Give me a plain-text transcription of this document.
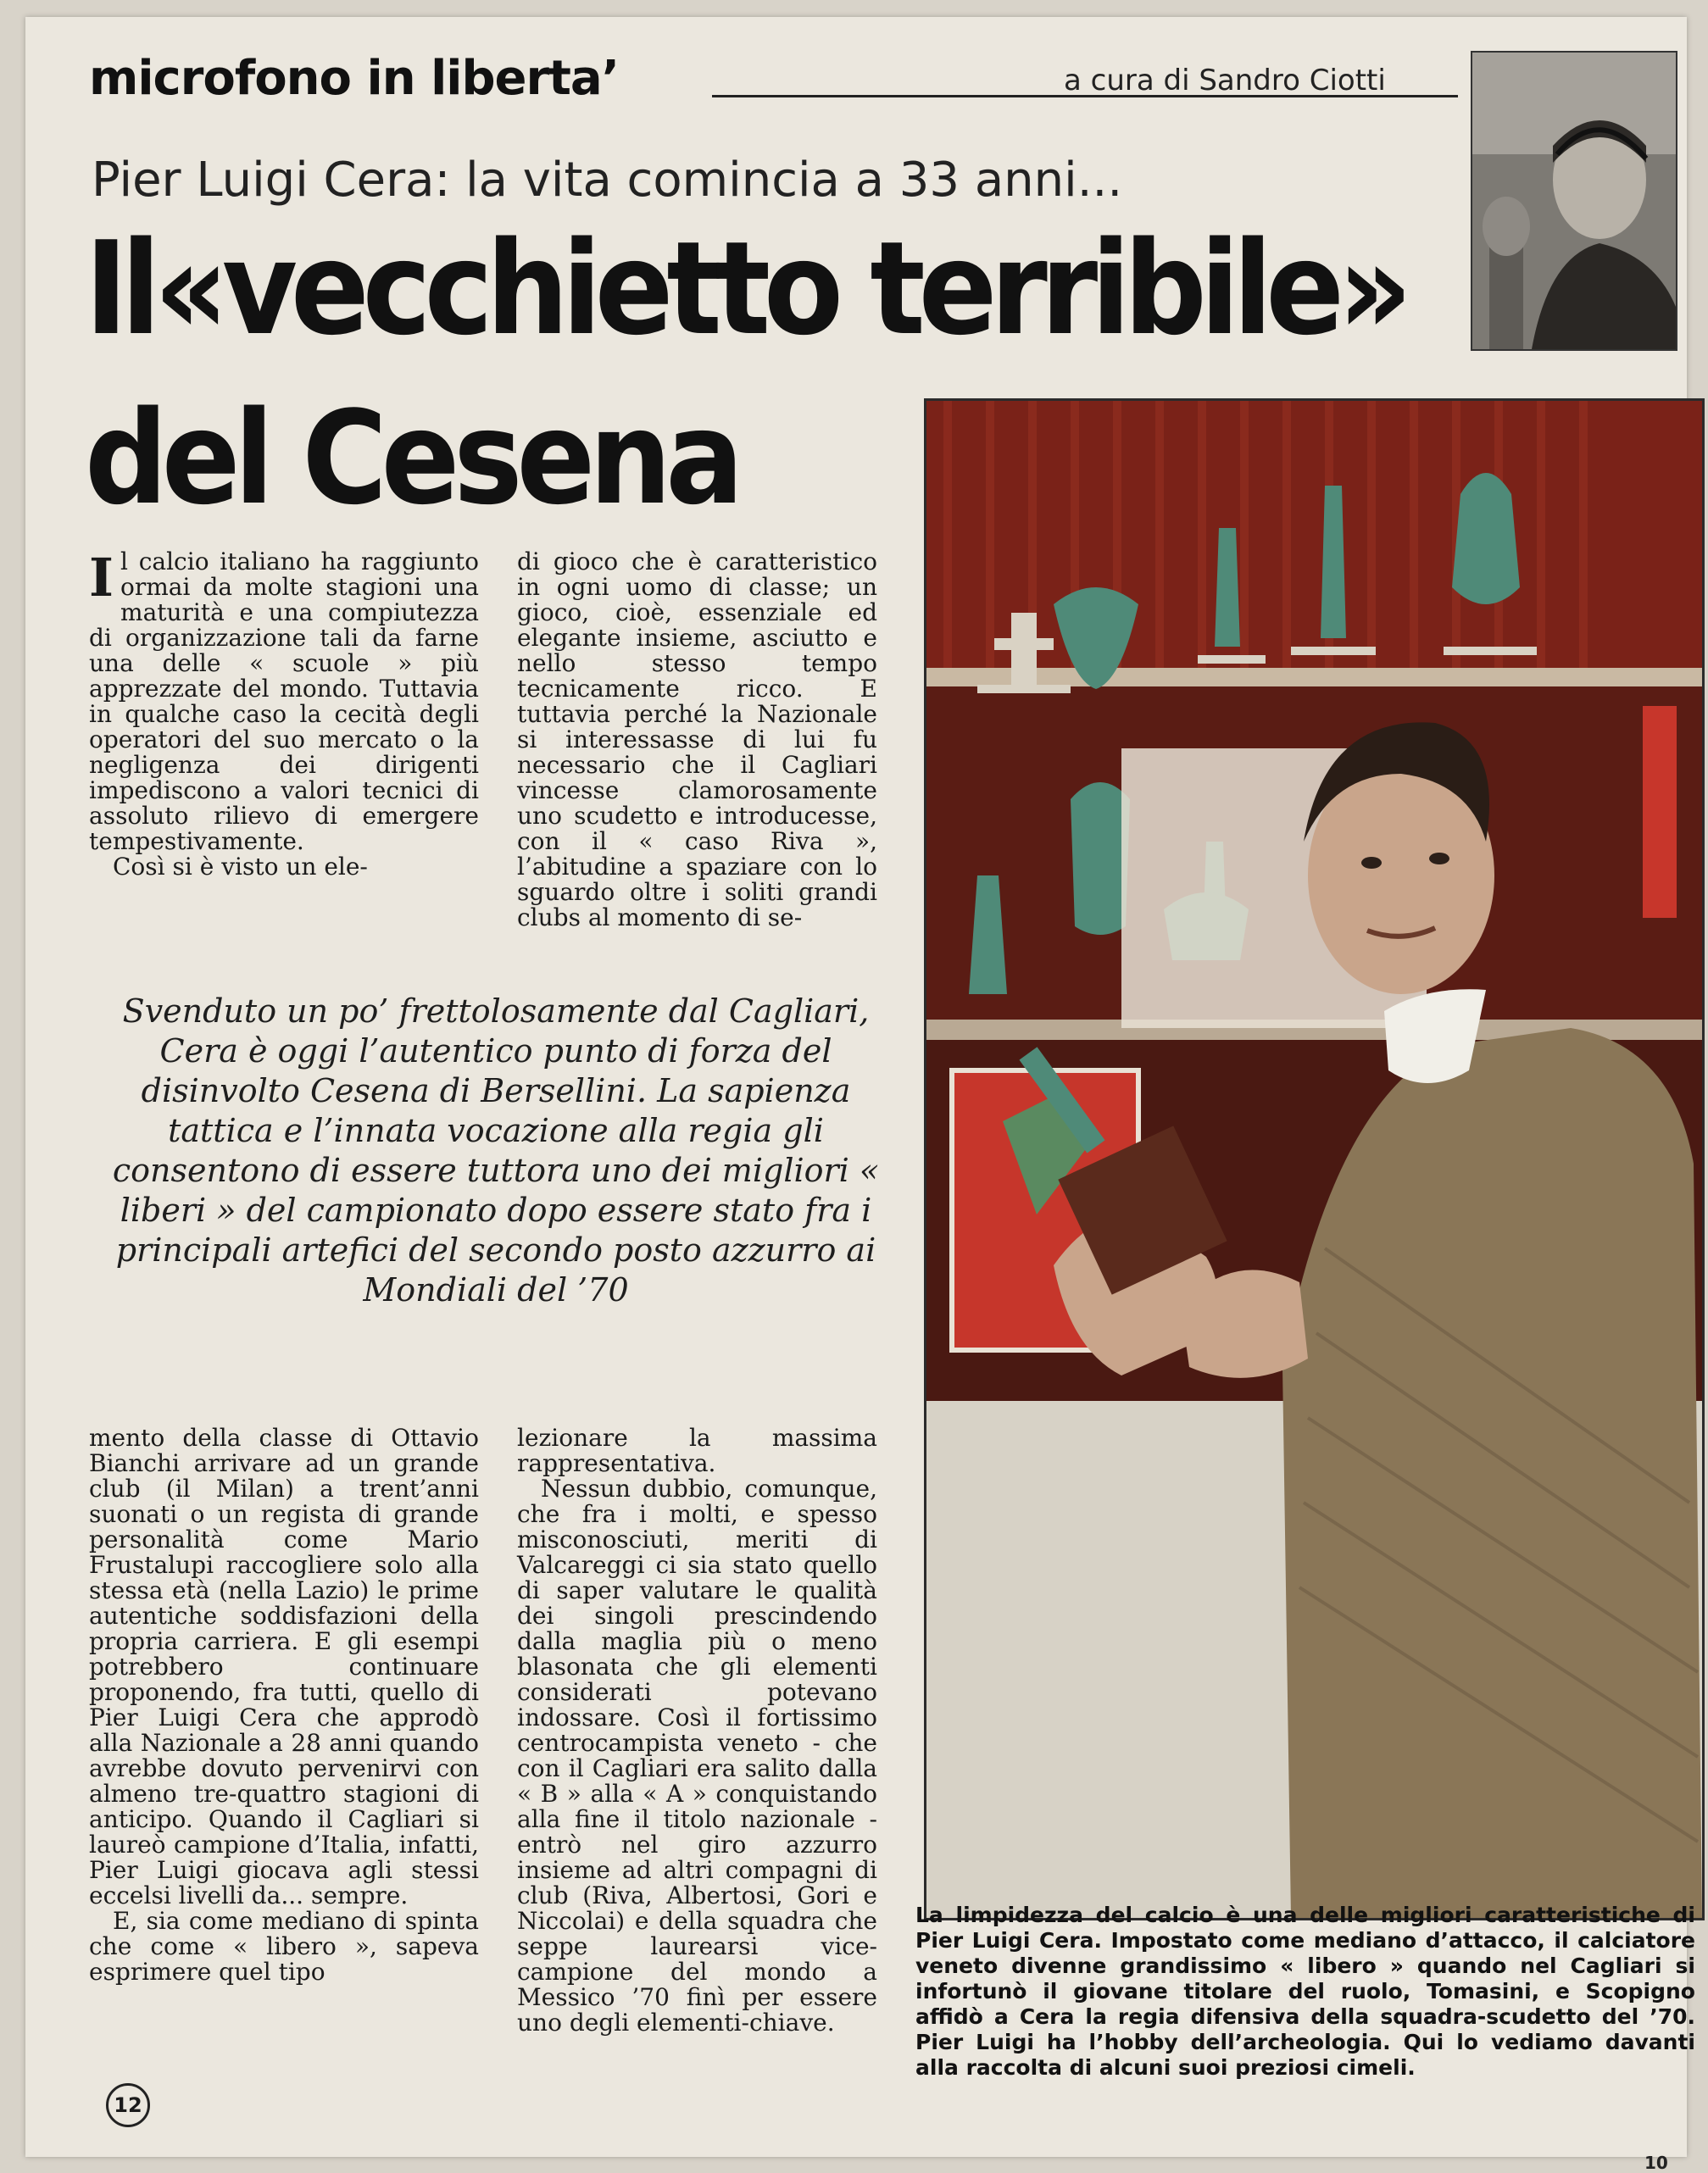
microfono in liberta’	a cura di Sandro Ciotti
Pier Luigi Cera: la vita comincia a 33 anni...
Il«vecchietto terribile»
del Cesena
I l calcio italiano ha raggiunto ormai da molte stagioni una maturità e una compiutezza di organizzazione tali da farne una delle « scuole » più apprezzate del mondo. Tuttavia in qualche caso la cecità degli operatori del suo mercato o la negligenza dei dirigenti impediscono a valori tecnici di assoluto rilievo di emergere tempestivamente.

Così si è visto un ele-

di gioco che è caratteristico in ogni uomo di classe; un gioco, cioè, essenziale ed elegante insieme, asciutto e nello stesso tempo tecnicamente ricco. E tuttavia perché la Nazionale si interessasse di lui fu necessario che il Cagliari vincesse clamorosamente uno scudetto e introducesse, con il « caso Riva », l’abitudine a spaziare con lo sguardo oltre i soliti grandi clubs al momento di se-

Svenduto un po’ frettolosamente dal Cagliari, Cera è oggi l’autentico punto di forza del disinvolto Cesena di Bersellini. La sapienza tattica e l’innata vocazione alla regia gli consentono di essere tuttora uno dei migliori « liberi » del campionato dopo essere stato fra i principali artefici del secondo posto azzurro ai Mondiali del ’70

mento della classe di Ottavio Bianchi arrivare ad un grande club (il Milan) a trent’anni suonati o un regista di grande personalità come Mario Frustalupi raccogliere solo alla stessa età (nella Lazio) le prime autentiche soddisfazioni della propria carriera. E gli esempi potrebbero continuare proponendo, fra tutti, quello di Pier Luigi Cera che approdò alla Nazionale a 28 anni quando avrebbe dovuto pervenirvi con almeno tre-quattro stagioni di anticipo. Quando il Cagliari si laureò campione d’Italia, infatti, Pier Luigi giocava agli stessi eccelsi livelli da... sempre.

E, sia come mediano di spinta che come « libero », sapeva esprimere quel tipo

lezionare la massima rappresentativa.

Nessun dubbio, comunque, che fra i molti, e spesso misconosciuti, meriti di Valcareggi ci sia stato quello di saper valutare le qualità dei singoli prescindendo dalla maglia più o meno blasonata che gli elementi considerati potevano indossare. Così il fortissimo centrocampista veneto - che con il Cagliari era salito dalla « B » alla « A » conquistando alla fine il titolo nazionale - entrò nel giro azzurro insieme ad altri compagni di club (Riva, Albertosi, Gori e Niccolai) e della squadra che seppe laurearsi vice-campione del mondo a Messico ’70 finì per essere uno degli elementi-chiave.

La limpidezza del calcio è una delle migliori caratteristiche di Pier Luigi Cera. Impostato come mediano d’attacco, il calciatore veneto divenne grandissimo « libero » quando nel Cagliari si infortunò il giovane titolare del ruolo, Tomasini, e Scopigno affidò a Cera la regia difensiva della squadra-scudetto del ’70. Pier Luigi ha l’hobby dell’archeologia. Qui lo vediamo davanti alla raccolta di alcuni suoi preziosi cimeli.
12
10
